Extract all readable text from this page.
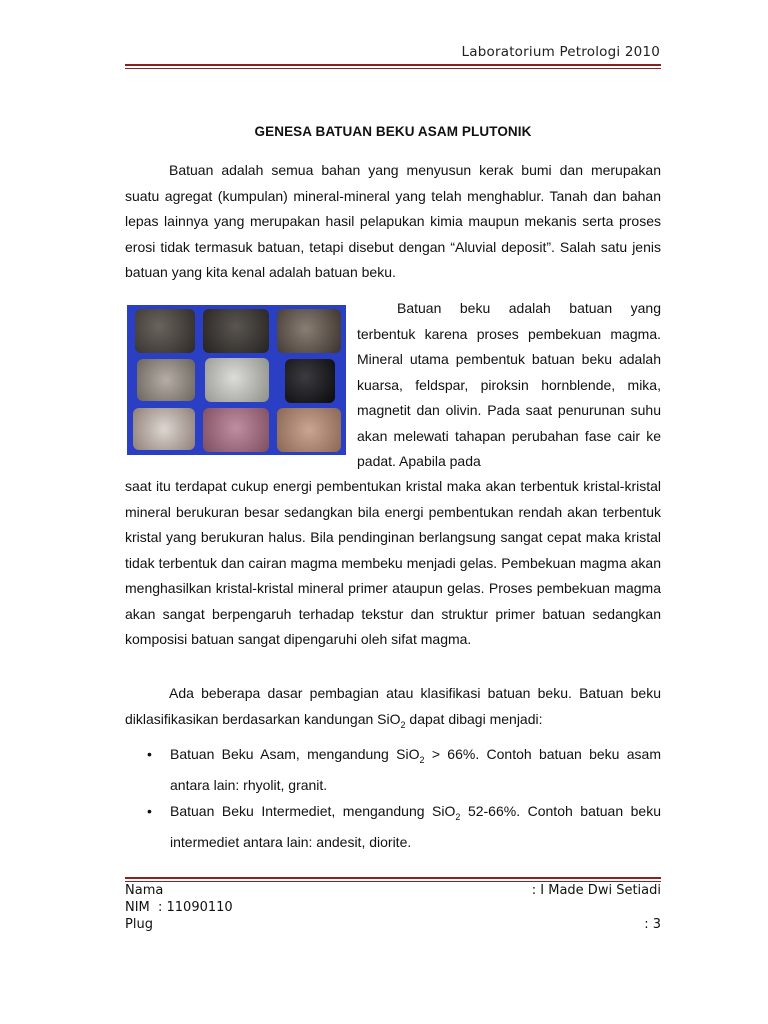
Laboratorium Petrologi 2010
GENESA BATUAN BEKU ASAM PLUTONIK

Batuan adalah semua bahan yang menyusun kerak bumi dan merupakan suatu agregat (kumpulan) mineral-mineral yang telah menghablur. Tanah dan bahan lepas lainnya yang merupakan hasil pelapukan kimia maupun mekanis serta proses erosi tidak termasuk batuan, tetapi disebut dengan “Aluvial deposit”. Salah satu jenis batuan yang kita kenal adalah batuan beku.

Batuan beku adalah batuan yang terbentuk karena proses pembekuan magma. Mineral utama pembentuk batuan beku adalah kuarsa, feldspar, piroksin hornblende, mika, magnetit dan olivin. Pada saat penurunan suhu akan melewati tahapan perubahan fase cair ke padat. Apabila pada

saat itu terdapat cukup energi pembentukan kristal maka akan terbentuk kristal-kristal mineral berukuran besar sedangkan bila energi pembentukan rendah akan terbentuk kristal yang berukuran halus. Bila pendinginan berlangsung sangat cepat maka kristal tidak terbentuk dan cairan magma membeku menjadi gelas. Pembekuan magma akan menghasilkan kristal-kristal mineral primer ataupun gelas. Proses pembekuan magma akan sangat berpengaruh terhadap tekstur dan struktur primer batuan sedangkan komposisi batuan sangat dipengaruhi oleh sifat magma.

Ada beberapa dasar pembagian atau klasifikasi batuan beku. Batuan beku diklasifikasikan berdasarkan kandungan SiO$_2$ dapat dibagi menjadi:

• Batuan Beku Asam, mengandung SiO$_2$ > 66%. Contoh batuan beku asam antara lain: rhyolit, granit.
• Batuan Beku Intermediet, mengandung SiO$_2$ 52-66%. Contoh batuan beku intermediet antara lain: andesit, diorite.
Nama	: I Made Dwi Setiadi
NIM : 11090110
Plug	: 3
